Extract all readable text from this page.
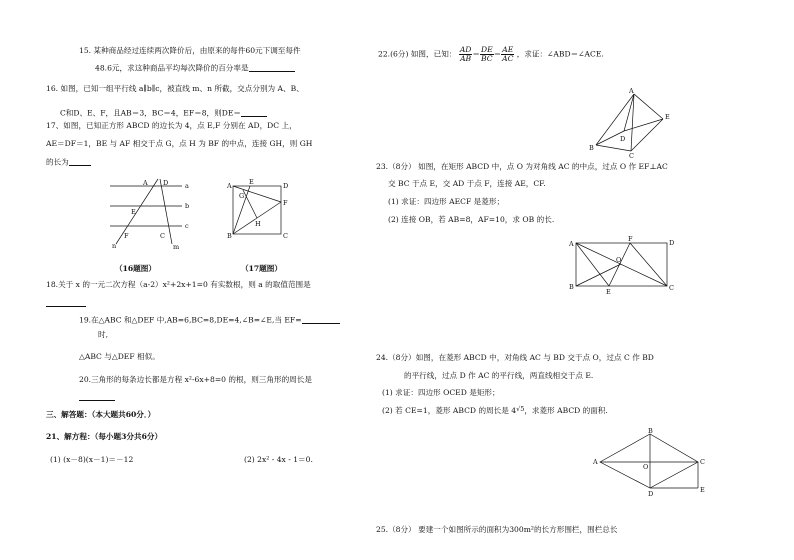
15. 某种商品经过连续两次降价后，由原来的每件60元下调至每件
48.6元，求这种商品平均每次降价的百分率是
16. 如图，已知一组平行线 a∥b∥c，被直线 m、n 所截，交点分别为 A、B、
C和D、E、F，且AB＝3，BC＝4，EF＝8，则DE＝
17、如图，已知正方形 ABCD 的边长为 4，点 E,F 分别在 AD，DC 上，
AE＝DF＝1，BE 与 AF 相交于点 G，点 H 为 BF 的中点，连接 GH，则 GH
的长为
A D
E
F	C
a
b
c
m
n
A	E	D
G
F
H
B	C
（16题图）	（17题图）
18.关于 x 的一元二次方程（a-2）x²+2x+1=0 有实数根，则 a 的取值范围是
19.在△ABC 和△DEF 中,AB=6,BC=8,DE=4,∠B=∠E,当 EF=
时,
△ABC 与△DEF 相似。
20.三角形的每条边长都是方程 x²-6x+8=0 的根，则三角形的周长是
三、解答题：（本大题共60分．）
21、解方程：（每小题3分共6分）
(1) (x－8)(x－1)＝－12	(2) 2x² - 4x - 1＝0.
22.(6分) 如图，已知： $\frac{AD}{AB} = \frac{DE}{BC} = \frac{AE}{AC}$ ，求证：∠ABD＝∠ACE.
A
D
E
B
C
23.（8分） 如图，在矩形 ABCD 中，点 O 为对角线 AC 的中点，过点 O 作 EF⊥AC
交 BC 于点 E，交 AD 于点 F，连接 AE，CF.
(1) 求证：四边形 AECF 是菱形；
(2) 连接 OB，若 AB=8，AF=10，求 OB 的长.
A
F	D
O
B
E	C
24.（8分）如图，在菱形 ABCD 中，对角线 AC 与 BD 交于点 O，过点 C 作 BD
的平行线，过点 D 作 AC 的平行线，两直线相交于点 E.
(1) 求证：四边形 OCED 是矩形；
(2) 若 CE=1，菱形 ABCD 的周长是 4√5，求菱形 ABCD 的面积.
B
A
O
C
D	E
25.（8分） 要建一个如图所示的面积为300m²的长方形围栏，围栏总长
